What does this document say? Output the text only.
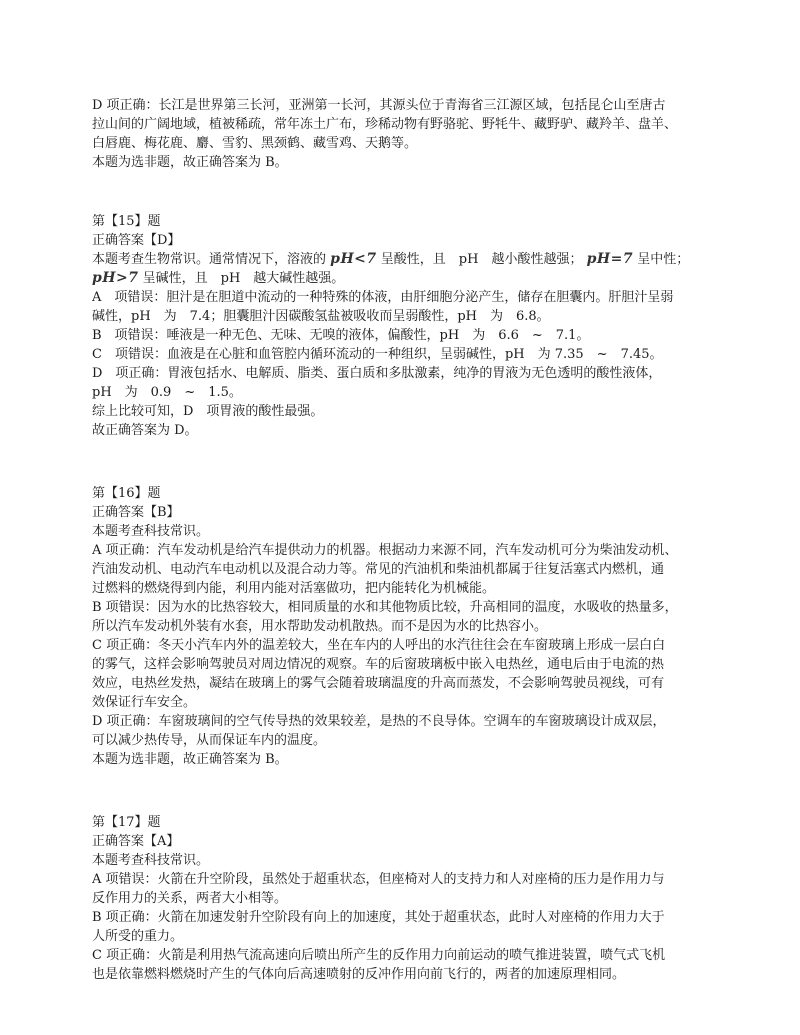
D 项正确：长江是世界第三长河，亚洲第一长河，其源头位于青海省三江源区域，包括昆仑山至唐古
拉山间的广阔地域，植被稀疏，常年冻土广布，珍稀动物有野骆驼、野牦牛、藏野驴、藏羚羊、盘羊、
白唇鹿、梅花鹿、麝、雪豹、黑颈鹤、藏雪鸡、天鹅等。
本题为选非题，故正确答案为 B。
第【15】题
正确答案【D】
本题考查生物常识。通常情况下，溶液的 pH<7 呈酸性，且　pH　越小酸性越强； pH=7 呈中性；
pH>7 呈碱性，且　pH　越大碱性越强。
A　项错误：胆汁是在胆道中流动的一种特殊的体液，由肝细胞分泌产生，储存在胆囊内。肝胆汁呈弱
碱性，pH　为　7.4；胆囊胆汁因碳酸氢盐被吸收而呈弱酸性，pH　为　6.8。
B　项错误：唾液是一种无色、无味、无嗅的液体，偏酸性，pH　为　6.6　~　7.1。
C　项错误：血液是在心脏和血管腔内循环流动的一种组织，呈弱碱性，pH　为 7.35　~　7.45。
D　项正确：胃液包括水、电解质、脂类、蛋白质和多肽激素，纯净的胃液为无色透明的酸性液体，
pH　为　0.9　~　1.5。
综上比较可知，D　项胃液的酸性最强。
故正确答案为 D。
第【16】题
正确答案【B】
本题考查科技常识。
A 项正确：汽车发动机是给汽车提供动力的机器。根据动力来源不同，汽车发动机可分为柴油发动机、
汽油发动机、电动汽车电动机以及混合动力等。常见的汽油机和柴油机都属于往复活塞式内燃机，通
过燃料的燃烧得到内能，利用内能对活塞做功，把内能转化为机械能。
B 项错误：因为水的比热容较大，相同质量的水和其他物质比较，升高相同的温度，水吸收的热量多，
所以汽车发动机外装有水套，用水帮助发动机散热。而不是因为水的比热容小。
C 项正确：冬天小汽车内外的温差较大，坐在车内的人呼出的水汽往往会在车窗玻璃上形成一层白白
的雾气，这样会影响驾驶员对周边情况的观察。车的后窗玻璃板中嵌入电热丝，通电后由于电流的热
效应，电热丝发热，凝结在玻璃上的雾气会随着玻璃温度的升高而蒸发，不会影响驾驶员视线，可有
效保证行车安全。
D 项正确：车窗玻璃间的空气传导热的效果较差，是热的不良导体。空调车的车窗玻璃设计成双层，
可以减少热传导，从而保证车内的温度。
本题为选非题，故正确答案为 B。
第【17】题
正确答案【A】
本题考查科技常识。
A 项错误：火箭在升空阶段，虽然处于超重状态，但座椅对人的支持力和人对座椅的压力是作用力与
反作用力的关系，两者大小相等。
B 项正确：火箭在加速发射升空阶段有向上的加速度，其处于超重状态，此时人对座椅的作用力大于
人所受的重力。
C 项正确：火箭是利用热气流高速向后喷出所产生的反作用力向前运动的喷气推进装置，喷气式飞机
也是依靠燃料燃烧时产生的气体向后高速喷射的反冲作用向前飞行的，两者的加速原理相同。
